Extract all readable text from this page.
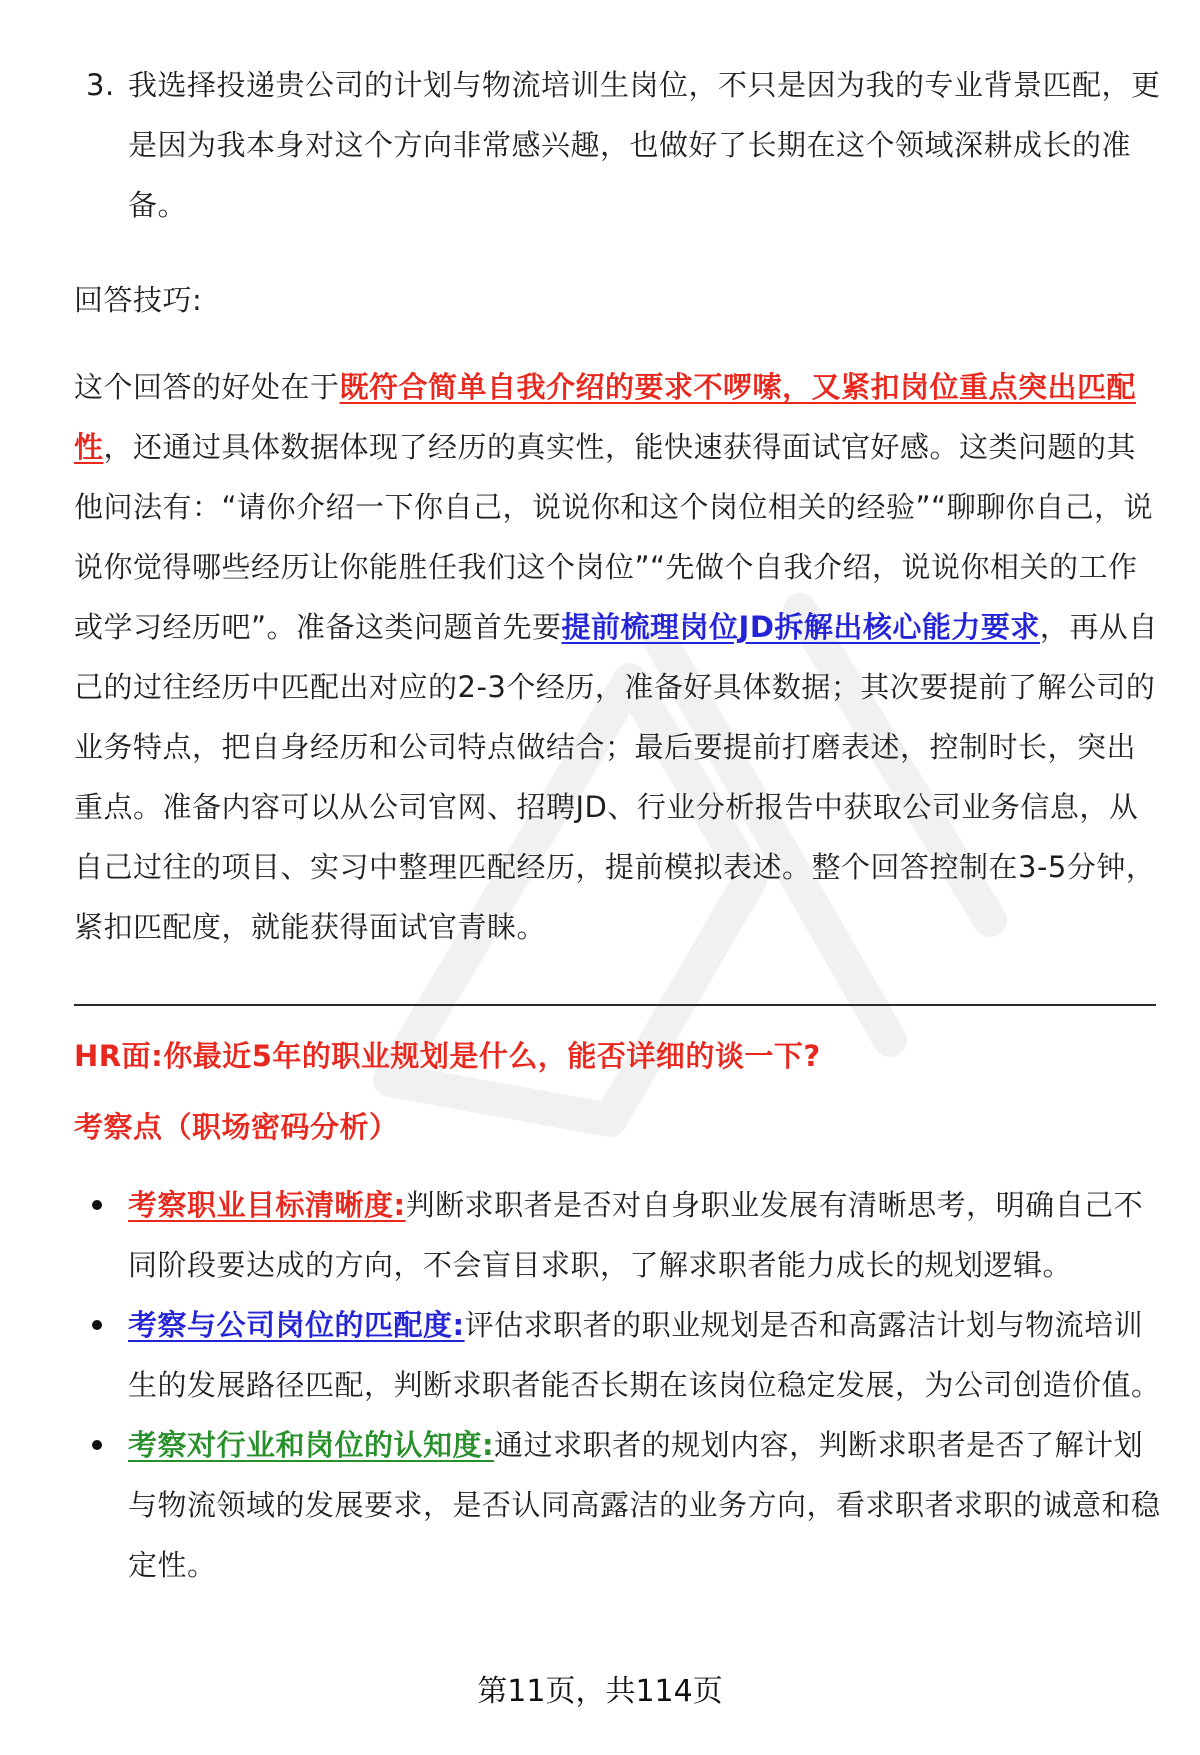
3. 我选择投递贵公司的计划与物流培训生岗位，不只是因为我的专业背景匹配，更是因为我本身对这个方向非常感兴趣，也做好了长期在这个领域深耕成长的准备。
回答技巧:
这个回答的好处在于既符合简单自我介绍的要求不啰嗦，又紧扣岗位重点突出匹配性，还通过具体数据体现了经历的真实性，能快速获得面试官好感。这类问题的其他问法有：“请你介绍一下你自己，说说你和这个岗位相关的经验”“聊聊你自己，说说你觉得哪些经历让你能胜任我们这个岗位”“先做个自我介绍，说说你相关的工作或学习经历吧”。准备这类问题首先要提前梳理岗位JD拆解出核心能力要求，再从自己的过往经历中匹配出对应的2-3个经历，准备好具体数据；其次要提前了解公司的业务特点，把自身经历和公司特点做结合；最后要提前打磨表述，控制时长，突出重点。准备内容可以从公司官网、招聘JD、行业分析报告中获取公司业务信息，从自己过往的项目、实习中整理匹配经历，提前模拟表述。整个回答控制在3-5分钟，紧扣匹配度，就能获得面试官青睐。
HR面:你最近5年的职业规划是什么，能否详细的谈一下?
考察点（职场密码分析）
考察职业目标清晰度:判断求职者是否对自身职业发展有清晰思考，明确自己不同阶段要达成的方向，不会盲目求职，了解求职者能力成长的规划逻辑。
考察与公司岗位的匹配度:评估求职者的职业规划是否和高露洁计划与物流培训生的发展路径匹配，判断求职者能否长期在该岗位稳定发展，为公司创造价值。
考察对行业和岗位的认知度:通过求职者的规划内容，判断求职者是否了解计划与物流领域的发展要求，是否认同高露洁的业务方向，看求职者求职的诚意和稳定性。
第11页，共114页
